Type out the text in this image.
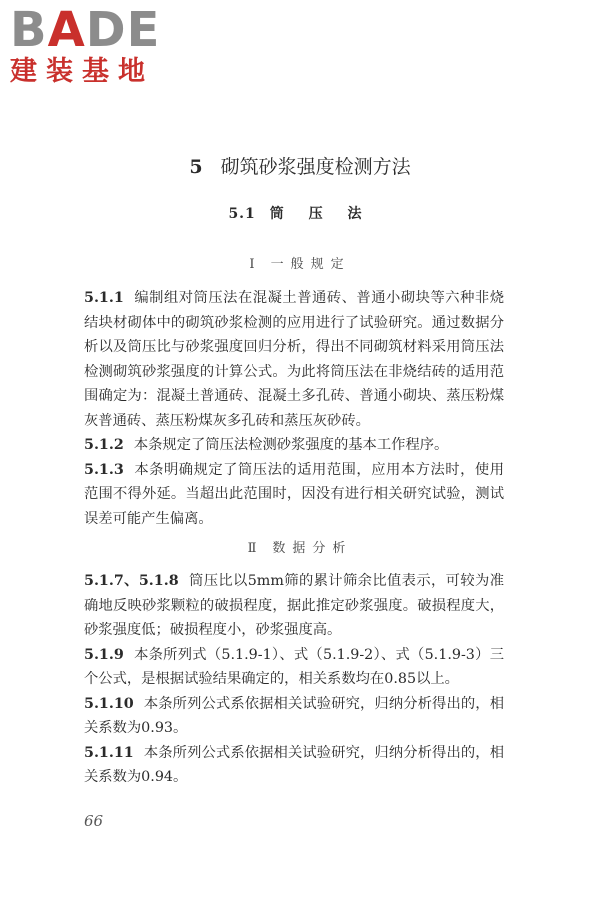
BADE
建装基地
5 砌筑砂浆强度检测方法
5.1 筒 压 法
Ⅰ 一般规定

5.1.1 编制组对筒压法在混凝土普通砖、普通小砌块等六种非烧结块材砌体中的砌筑砂浆检测的应用进行了试验研究。通过数据分析以及筒压比与砂浆强度回归分析，得出不同砌筑材料采用筒压法检测砌筑砂浆强度的计算公式。为此将筒压法在非烧结砖的适用范围确定为：混凝土普通砖、混凝土多孔砖、普通小砌块、蒸压粉煤灰普通砖、蒸压粉煤灰多孔砖和蒸压灰砂砖。

5.1.2 本条规定了筒压法检测砂浆强度的基本工作程序。

5.1.3 本条明确规定了筒压法的适用范围，应用本方法时，使用范围不得外延。当超出此范围时，因没有进行相关研究试验，测试误差可能产生偏离。

Ⅱ 数据分析

5.1.7、5.1.8 筒压比以5mm筛的累计筛余比值表示，可较为准确地反映砂浆颗粒的破损程度，据此推定砂浆强度。破损程度大，砂浆强度低；破损程度小，砂浆强度高。

5.1.9 本条所列式（5.1.9-1）、式（5.1.9-2）、式（5.1.9-3）三个公式，是根据试验结果确定的，相关系数均在0.85以上。

5.1.10 本条所列公式系依据相关试验研究，归纳分析得出的，相关系数为0.93。

5.1.11 本条所列公式系依据相关试验研究，归纳分析得出的，相关系数为0.94。

66
